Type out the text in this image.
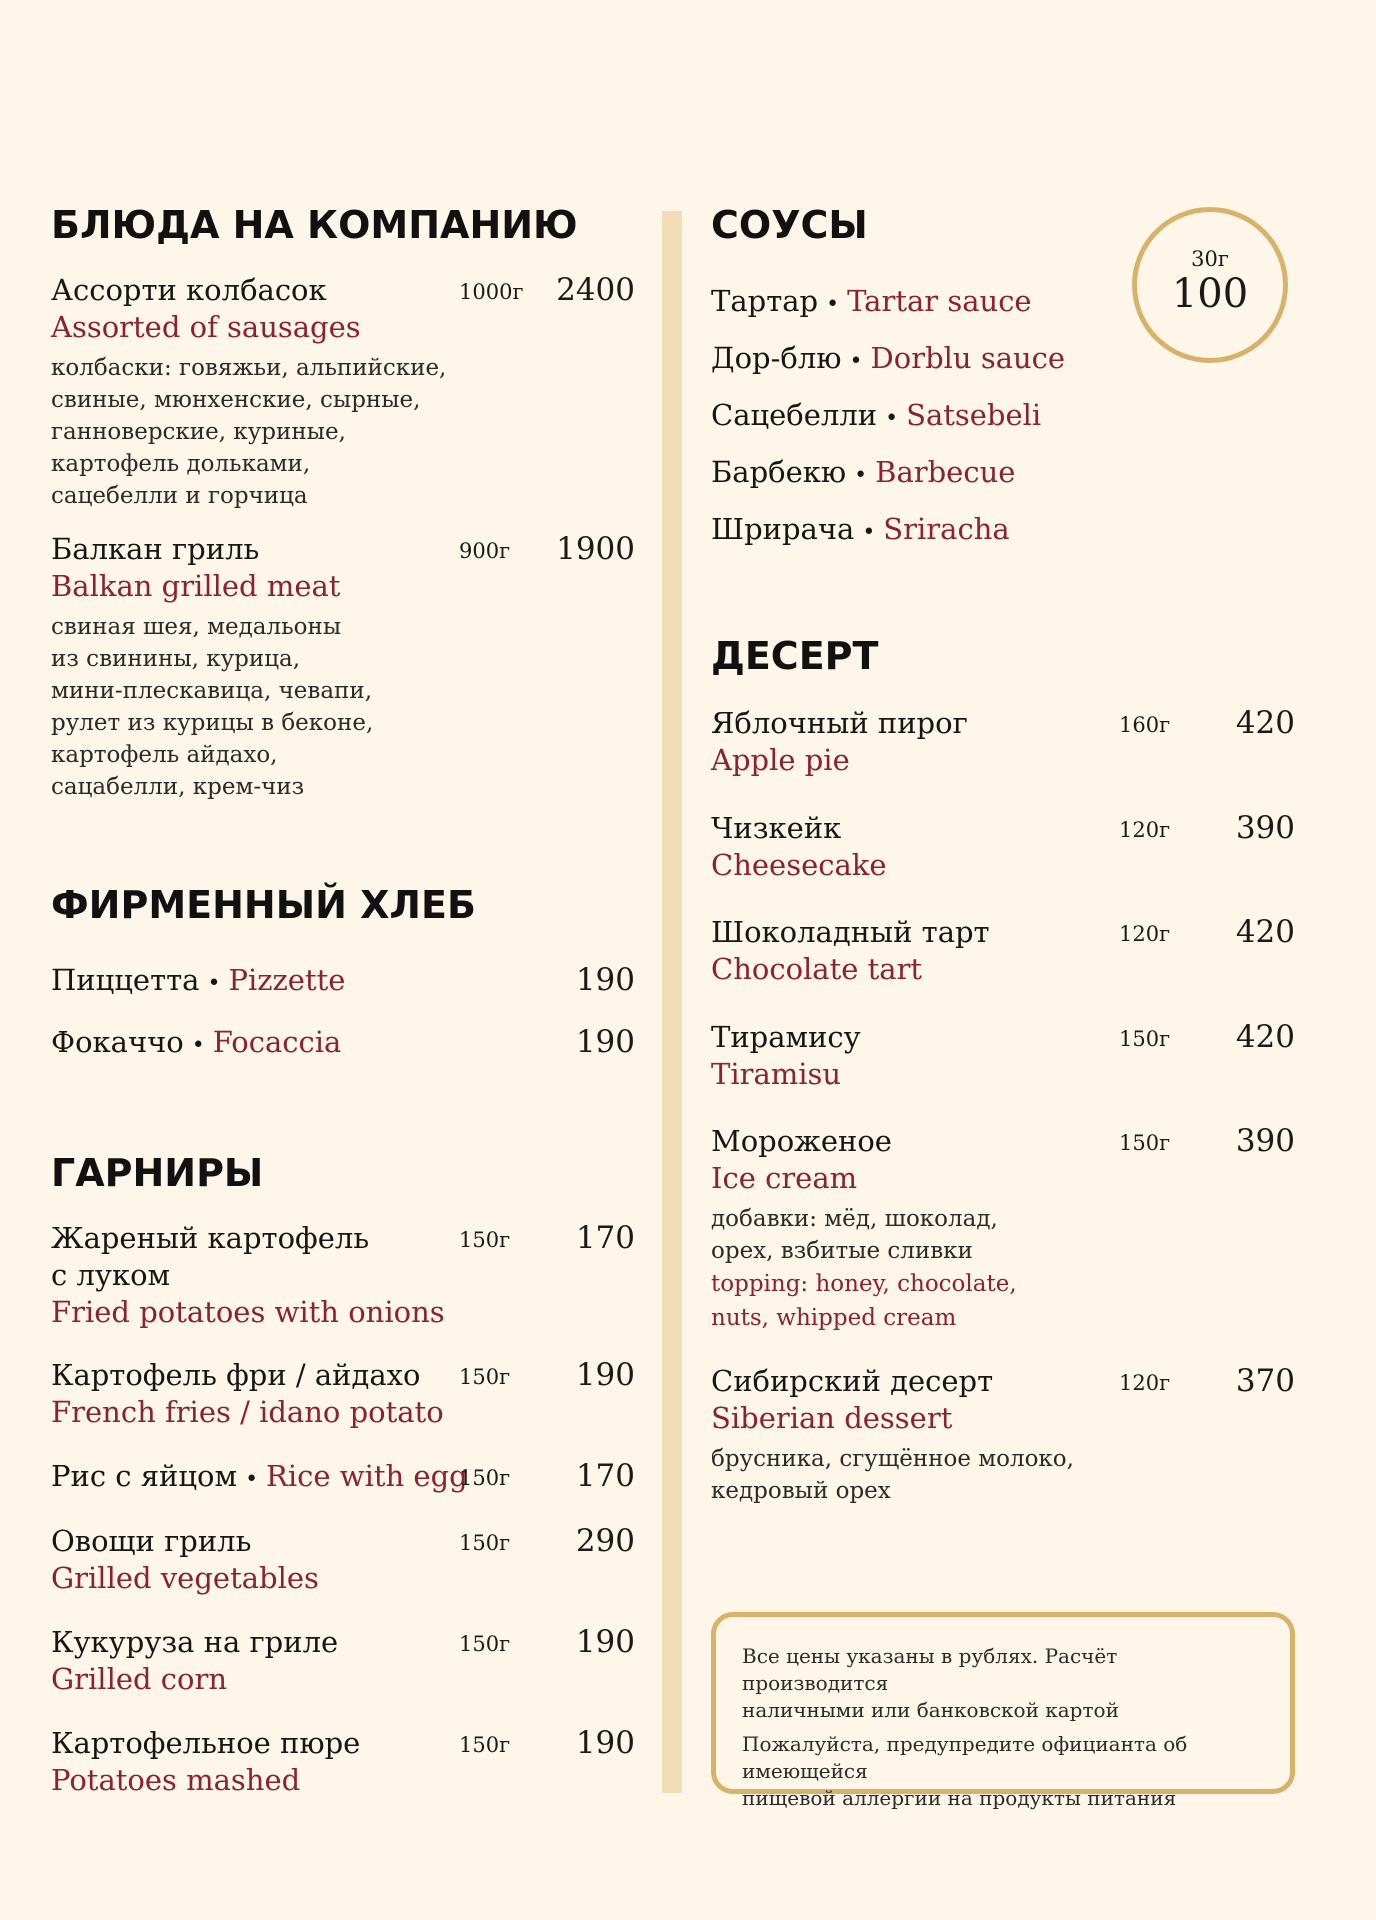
БЛЮДА НА КОМПАНИЮ
Ассорти колбасок
Assorted of sausages
1000г 2400
колбаски: говяжьи, альпийские,
свиные, мюнхенские, сырные,
ганноверские, куриные,
картофель дольками,
сацебелли и горчица
Балкан гриль
Balkan grilled meat
900г 1900
свиная шея, медальоны
из свинины, курица,
мини-плескавица, чевапи,
рулет из курицы в беконе,
картофель айдахо,
сацабелли, крем-чиз
ФИРМЕННЫЙ ХЛЕБ
Пиццетта • Pizzette	190
Фокаччо • Focaccia	190
ГАРНИРЫ
Жареный картофель
с луком
Fried potatoes with onions
150г 170
Картофель фри / айдахо
French fries / idano potato
150г 190
Рис с яйцом • Rice with egg
150г 170
Овощи гриль
Grilled vegetables
150г 290
Кукуруза на гриле
Grilled corn
150г 190
Картофельное пюре
Potatoes mashed
150г 190
СОУСЫ
Тартар • Tartar sauce
Дор-блю • Dorblu sauce
Сацебелли • Satsebeli
Барбекю • Barbecue
Шрирача • Sriracha
ДЕСЕРТ
Яблочный пирог
Apple pie
160г 420
Чизкейк
Cheesecake
120г 390
Шоколадный тарт
Chocolate tart
120г 420
Тирамису
Tiramisu
150г 420
Мороженое
Ice cream
150г 390
добавки: мёд, шоколад,
орех, взбитые сливки
topping: honey, chocolate,
nuts, whipped cream
Сибирский десерт
Siberian dessert
120г 370
брусника, сгущённое молоко,
кедровый орех
30г
100
Все цены указаны в рублях. Расчёт производится
наличными или банковской картой
Пожалуйста, предупредите официанта об имеющейся
пищевой аллергии на продукты питания
